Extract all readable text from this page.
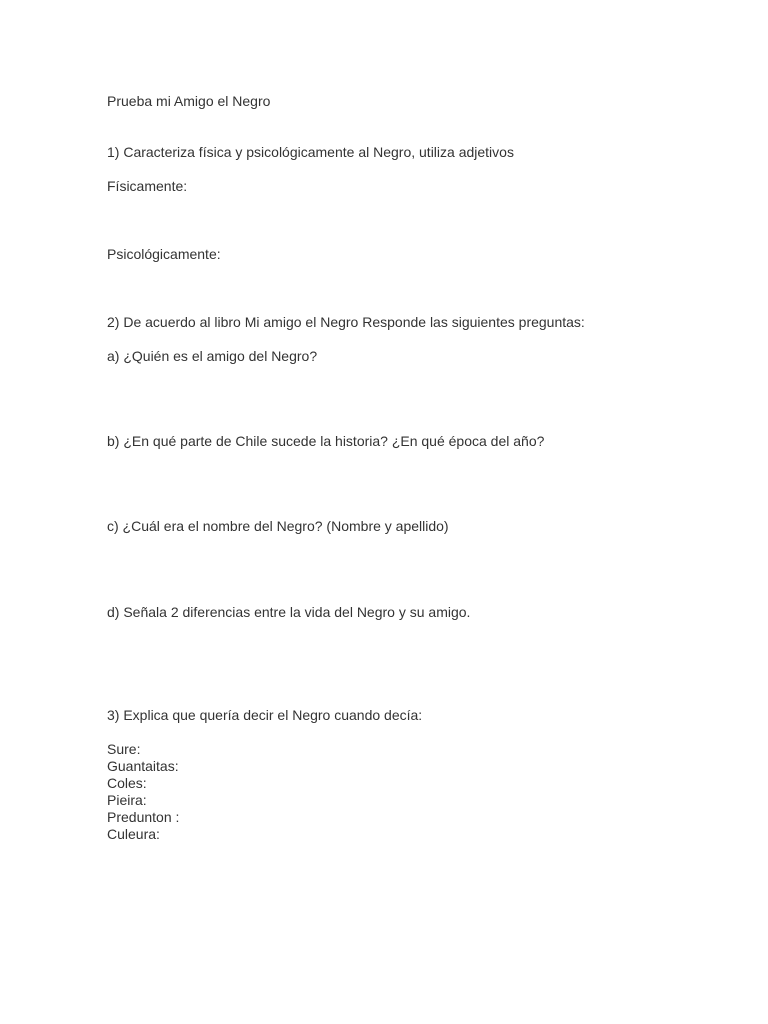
Prueba mi Amigo el Negro
1) Caracteriza física y psicológicamente al Negro, utiliza adjetivos
Físicamente:
Psicológicamente:
2) De acuerdo al libro Mi amigo el Negro Responde las siguientes preguntas:
a) ¿Quién es el amigo del Negro?
b) ¿En qué parte de Chile sucede la historia? ¿En qué época del año?
c) ¿Cuál era el nombre del Negro? (Nombre y apellido)
d) Señala 2 diferencias entre la vida del Negro y su amigo.
3) Explica que quería decir el Negro cuando decía:
Sure:
Guantaitas:
Coles:
Pieira:
Predunton :
Culeura:
